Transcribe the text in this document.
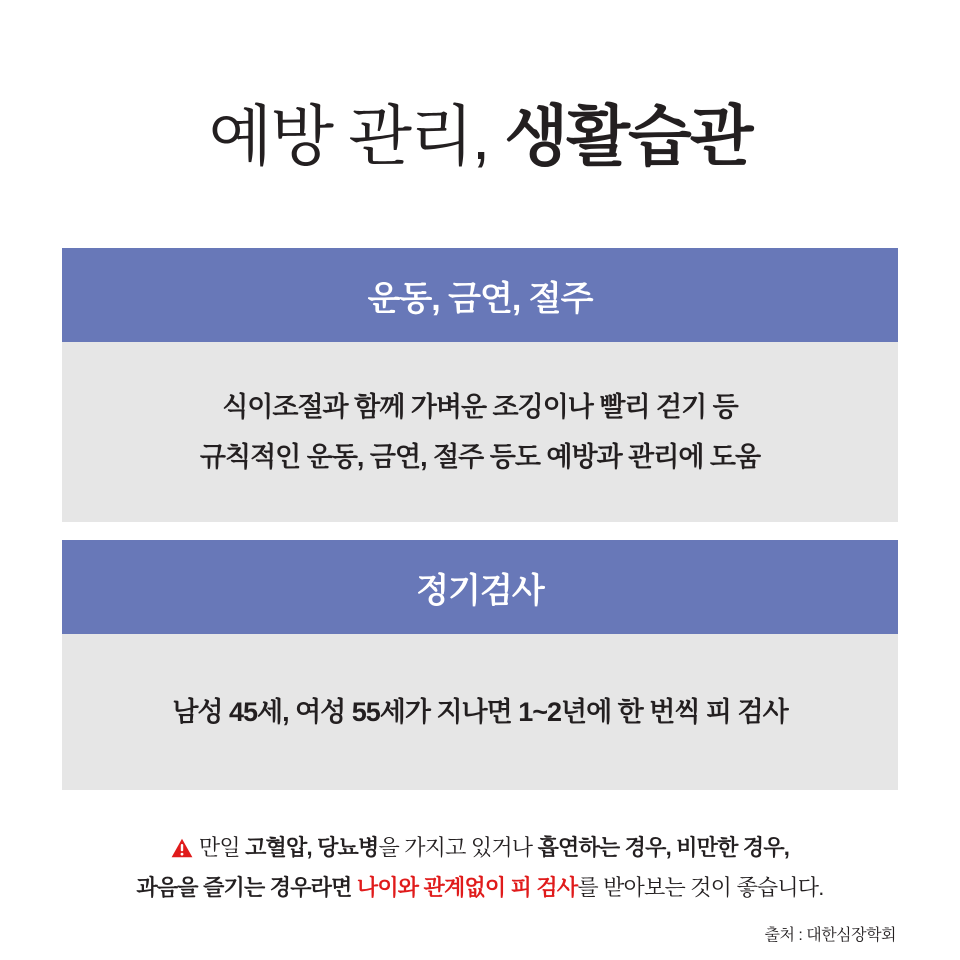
예방 관리, 생활습관
운동, 금연, 절주
식이조절과 함께 가벼운 조깅이나 빨리 걷기 등
규칙적인 운동, 금연, 절주 등도 예방과 관리에 도움
정기검사
남성 45세, 여성 55세가 지나면 1~2년에 한 번씩 피 검사
만일 고혈압, 당뇨병을 가지고 있거나 흡연하는 경우, 비만한 경우,
과음을 즐기는 경우라면 나이와 관계없이 피 검사를 받아보는 것이 좋습니다.
출처 : 대한심장학회
